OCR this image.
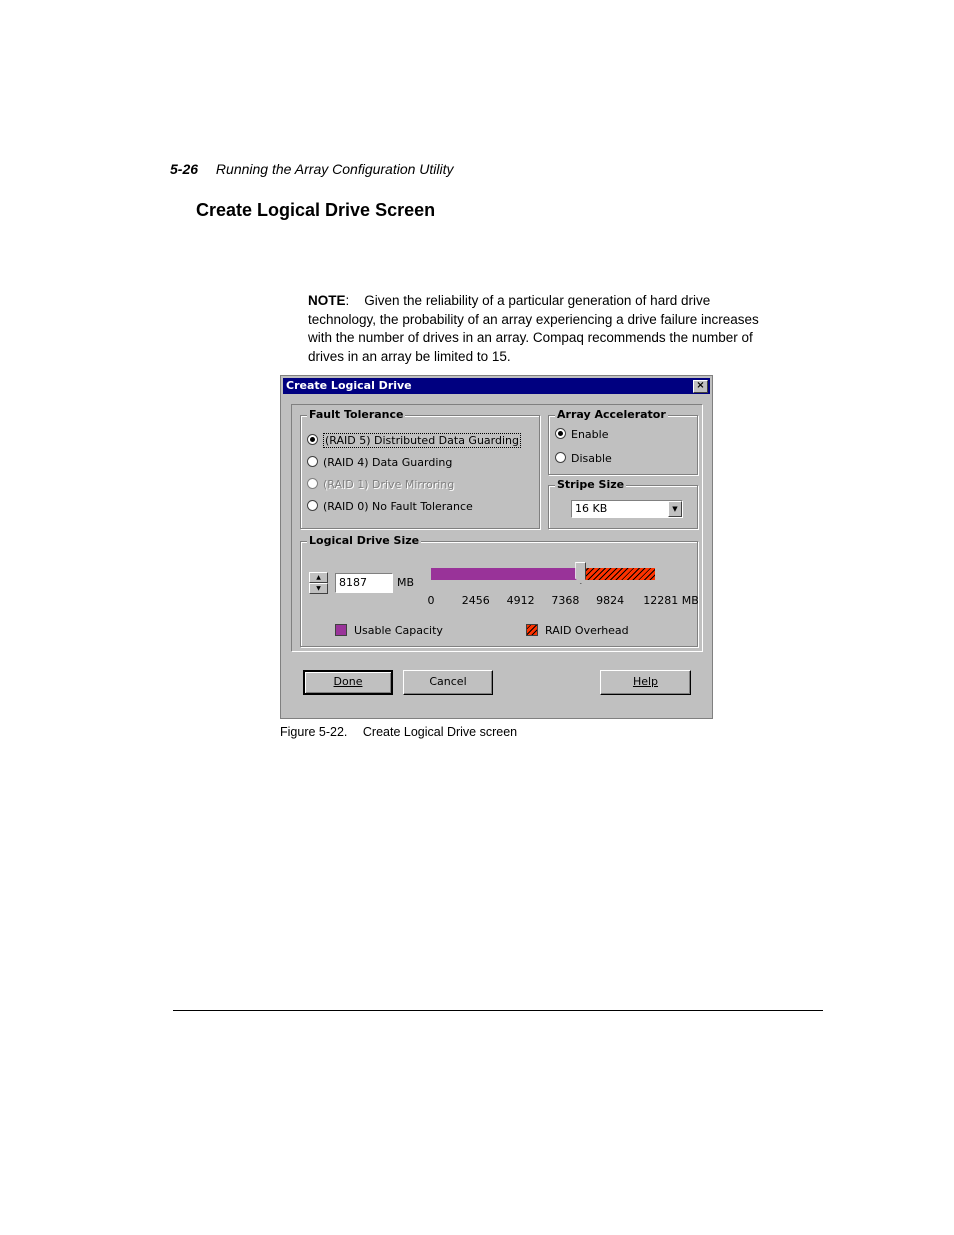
5-26 Running the Array Configuration Utility
Create Logical Drive Screen
NOTE:    Given the reliability of a particular generation of hard drive technology, the probability of an array experiencing a drive failure increases with the number of drives in an array. Compaq recommends the number of drives in an array be limited to 15.
Create Logical Drive	×
Fault Tolerance
(RAID 5) Distributed Data Guarding
(RAID 4) Data Guarding
(RAID 1) Drive Mirroring
(RAID 0) No Fault Tolerance
Array Accelerator
Enable
Disable
Stripe Size
16 KB	▼
Logical Drive Size
▲
▼	8187	MB
0 2456 4912 7368 9824 12281 MB
Usable Capacity	RAID Overhead
Done	Cancel	Help
Figure 5-22. Create Logical Drive screen
